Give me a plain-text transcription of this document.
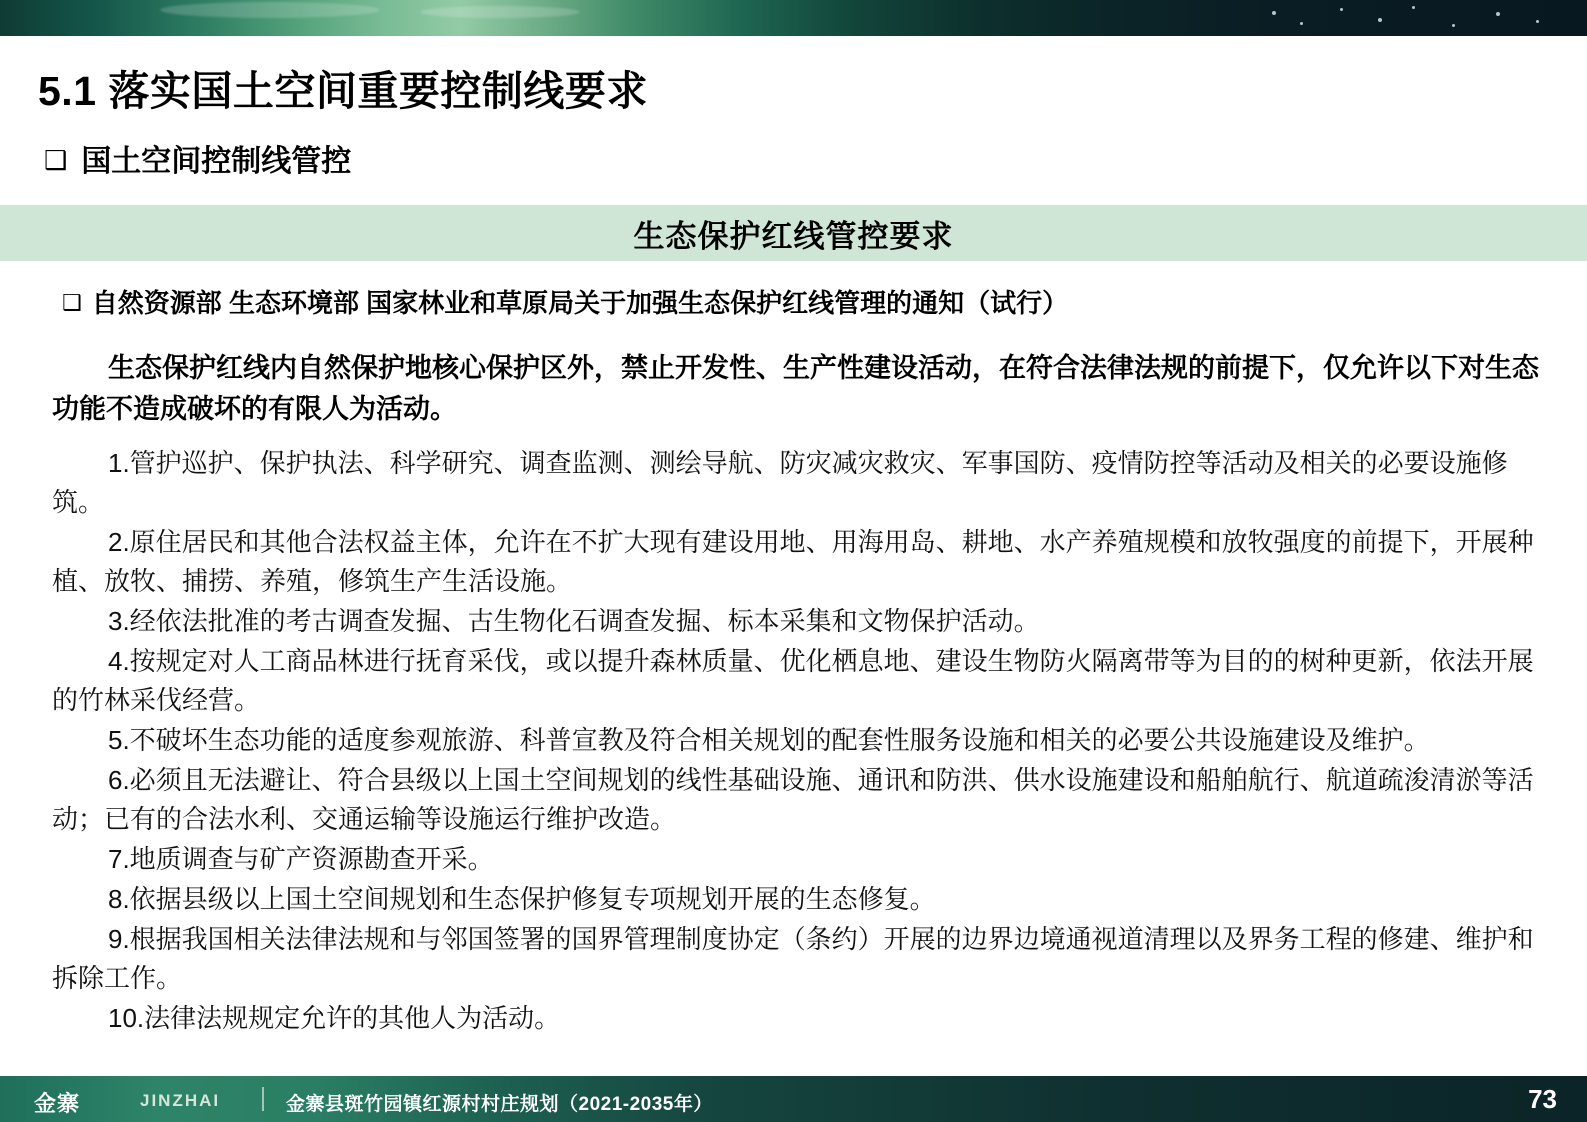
5.1 落实国土空间重要控制线要求
❑ 国土空间控制线管控
生态保护红线管控要求
❑ 自然资源部 生态环境部 国家林业和草原局关于加强生态保护红线管理的通知（试行）
生态保护红线内自然保护地核心保护区外，禁止开发性、生产性建设活动，在符合法律法规的前提下，仅允许以下对生态功能不造成破坏的有限人为活动。

1.管护巡护、保护执法、科学研究、调查监测、测绘导航、防灾减灾救灾、军事国防、疫情防控等活动及相关的必要设施修筑。

2.原住居民和其他合法权益主体，允许在不扩大现有建设用地、用海用岛、耕地、水产养殖规模和放牧强度的前提下，开展种植、放牧、捕捞、养殖，修筑生产生活设施。

3.经依法批准的考古调查发掘、古生物化石调查发掘、标本采集和文物保护活动。

4.按规定对人工商品林进行抚育采伐，或以提升森林质量、优化栖息地、建设生物防火隔离带等为目的的树种更新，依法开展的竹林采伐经营。

5.不破坏生态功能的适度参观旅游、科普宣教及符合相关规划的配套性服务设施和相关的必要公共设施建设及维护。

6.必须且无法避让、符合县级以上国土空间规划的线性基础设施、通讯和防洪、供水设施建设和船舶航行、航道疏浚清淤等活动；已有的合法水利、交通运输等设施运行维护改造。

7.地质调查与矿产资源勘查开采。

8.依据县级以上国土空间规划和生态保护修复专项规划开展的生态修复。

9.根据我国相关法律法规和与邻国签署的国界管理制度协定（条约）开展的边界边境通视道清理以及界务工程的修建、维护和拆除工作。

10.法律法规规定允许的其他人为活动。

金寨	JINZHAI	金寨县斑竹园镇红源村村庄规划（2021-2035年）	73
